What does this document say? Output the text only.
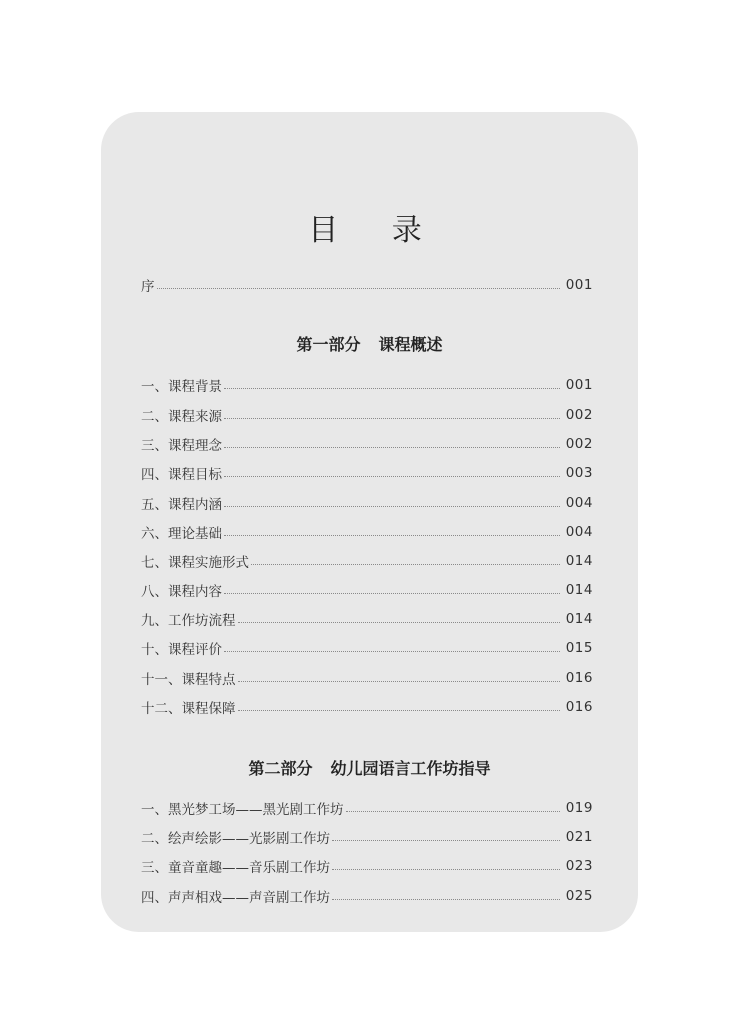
目 录
序	001
第一部分 课程概述
一、课程背景	001
二、课程来源	002
三、课程理念	002
四、课程目标	003
五、课程内涵	004
六、理论基础	004
七、课程实施形式	014
八、课程内容	014
九、工作坊流程	014
十、课程评价	015
十一、课程特点	016
十二、课程保障	016
第二部分 幼儿园语言工作坊指导
一、黑光梦工场——黑光剧工作坊	019
二、绘声绘影——光影剧工作坊	021
三、童音童趣——音乐剧工作坊	023
四、声声相戏——声音剧工作坊	025
